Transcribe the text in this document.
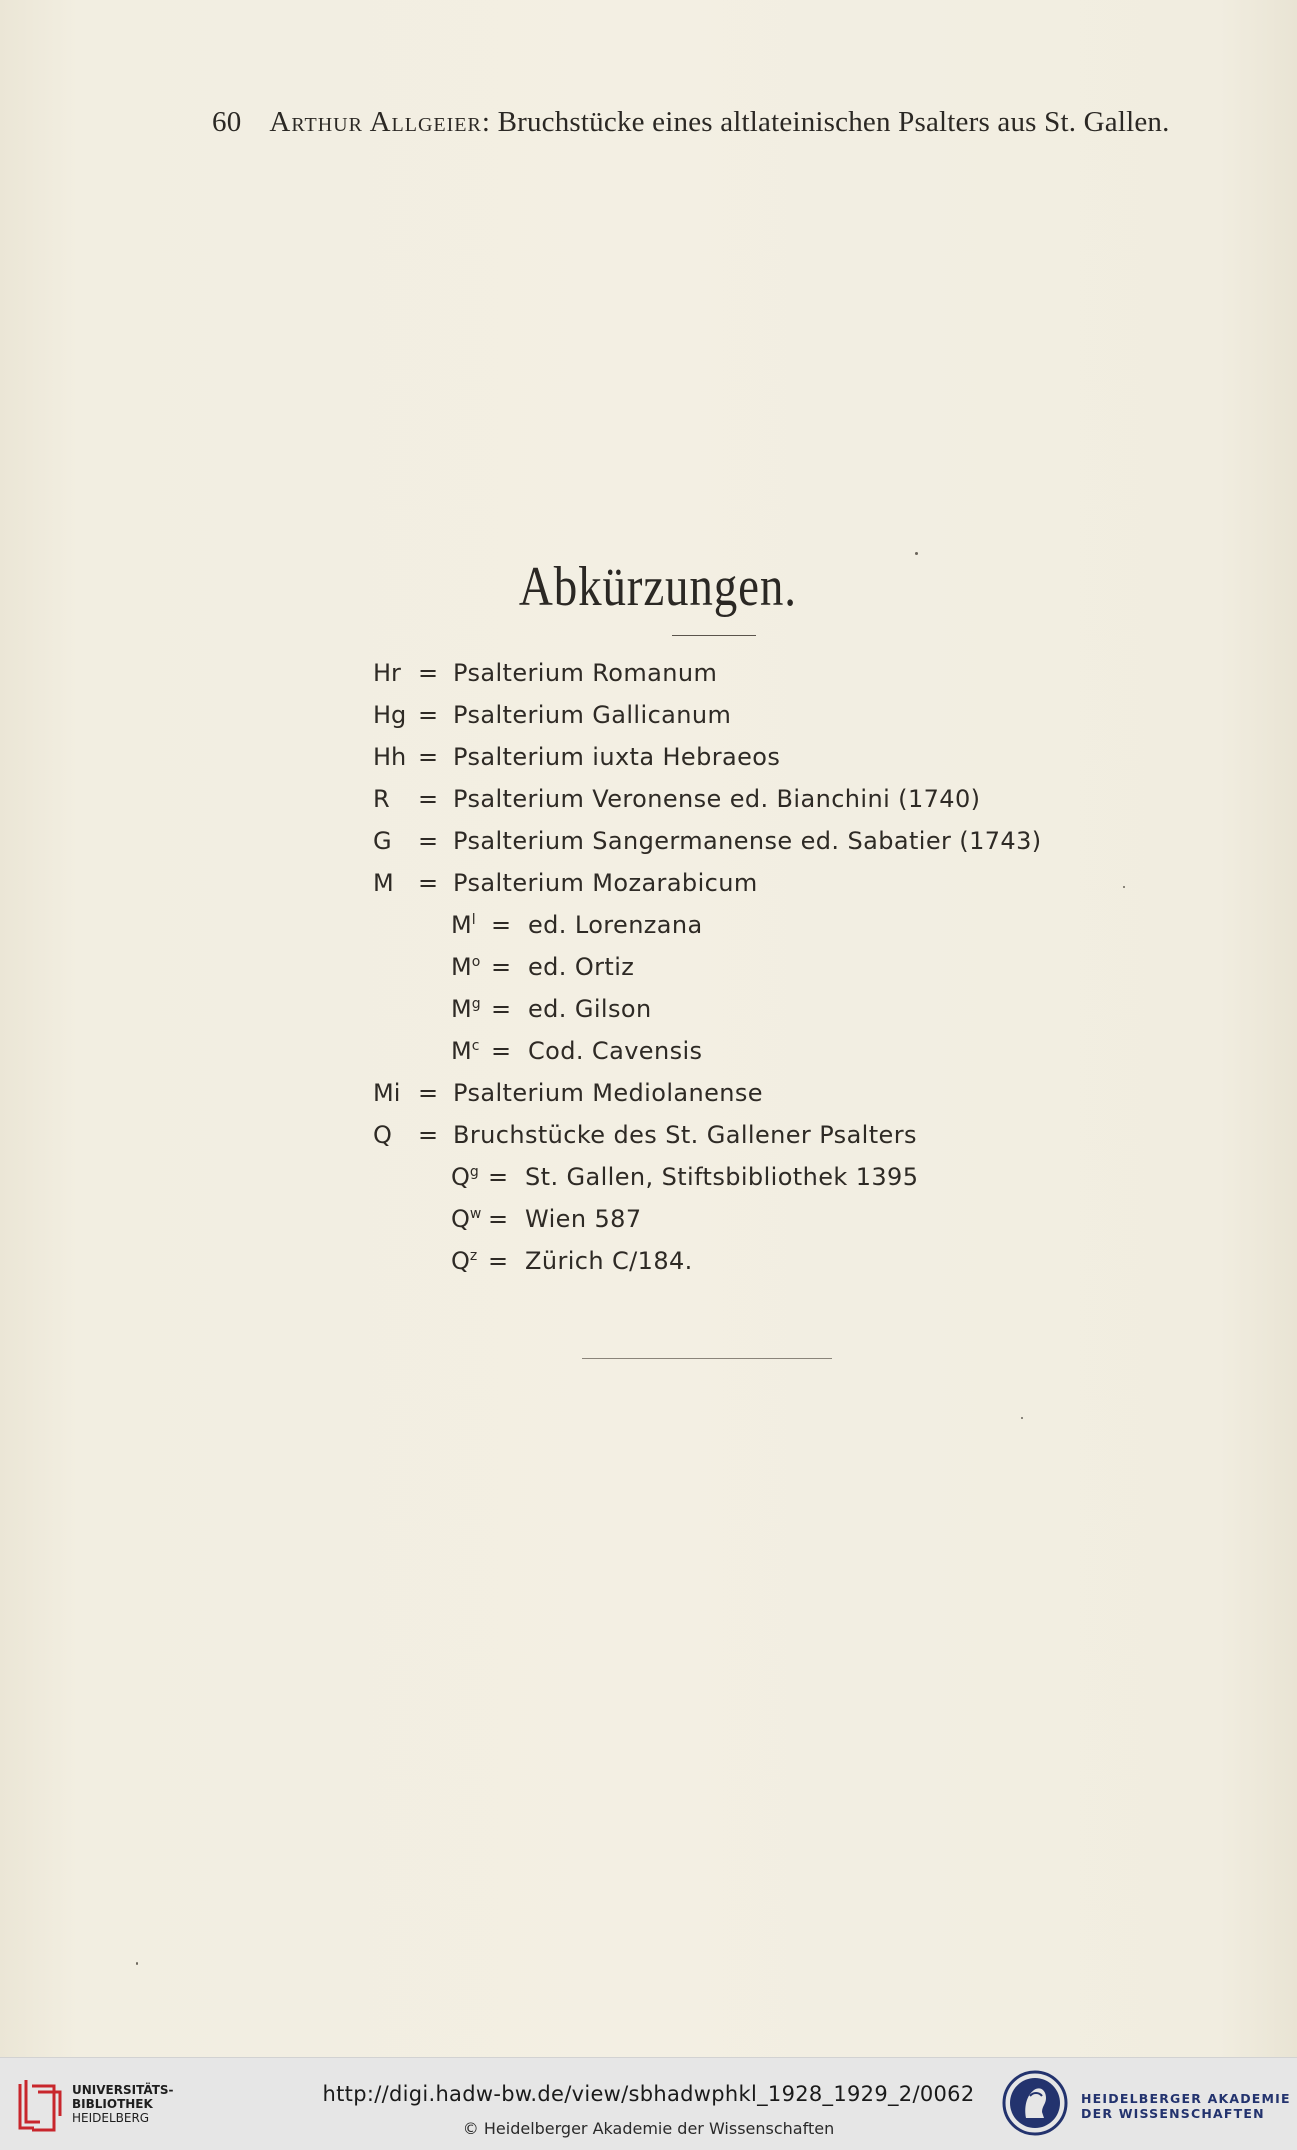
60 Arthur Allgeier: Bruchstücke eines altlateinischen Psalters aus St. Gallen.
Abkürzungen.
Hr = Psalterium Romanum
Hg = Psalterium Gallicanum
Hh = Psalterium iuxta Hebraeos
R	= Psalterium Veronense ed. Bianchini (1740)
G	= Psalterium Sangermanense ed. Sabatier (1743)
M	= Psalterium Mozarabicum
$M^l$ = ed. Lorenzana
$M^o$ = ed. Ortiz
$M^g$ = ed. Gilson
$M^c$ = Cod. Cavensis
Mi = Psalterium Mediolanense
Q	= Bruchstücke des St. Gallener Psalters
$Q^g = St$. Gallen, Stiftsbibliothek 1395
$Q^w$ = Wien 587
$Q^z$ = Zürich C/184.
UNIVERSITÄTS-
BIBLIOTHEK
HEIDELBERG
http://digi.hadw-bw.de/view/sbhadwphkl_1928_1929_2/0062
© Heidelberger Akademie der Wissenschaften
HEIDELBERGER AKADEMIE
DER WISSENSCHAFTEN
